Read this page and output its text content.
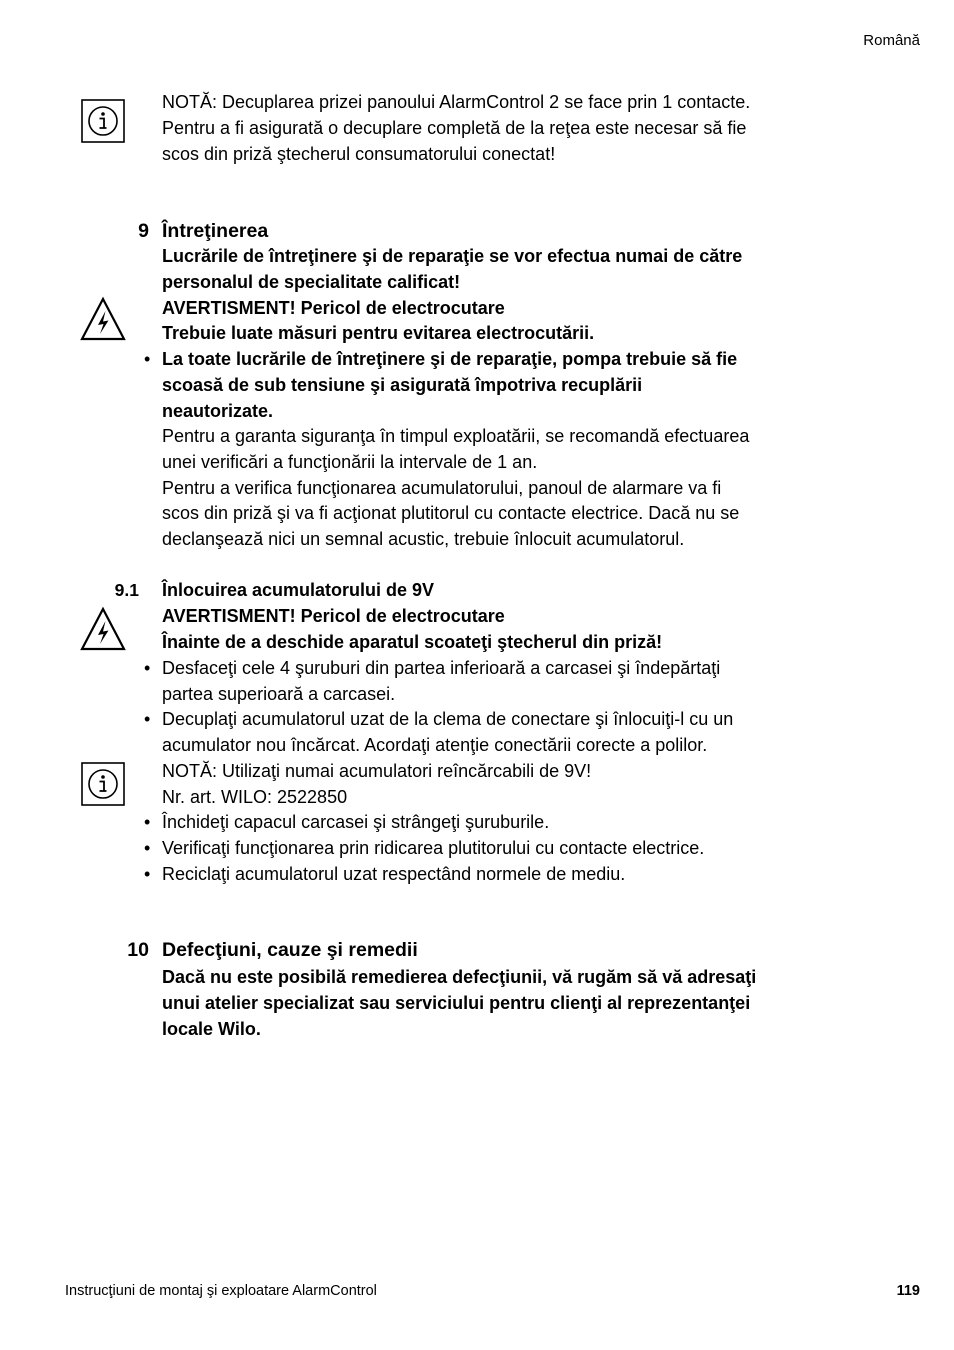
Română
NOTĂ: Decuplarea prizei panoului AlarmControl 2 se face prin 1 contacte.
Pentru a fi asigurată o decuplare completă de la reţea este necesar să fie
scos din priză ştecherul consumatorului conectat!
9 Întreţinerea
Lucrările de întreţinere şi de reparaţie se vor efectua numai de către
personalul de specialitate calificat!
AVERTISMENT! Pericol de electrocutare
Trebuie luate măsuri pentru evitarea electrocutării.
• La toate lucrările de întreţinere şi de reparaţie, pompa trebuie să fie
scoasă de sub tensiune şi asigurată împotriva recuplării
neautorizate.
Pentru a garanta siguranţa în timpul exploatării, se recomandă efectuarea
unei verificări a funcţionării la intervale de 1 an.
Pentru a verifica funcţionarea acumulatorului, panoul de alarmare va fi
scos din priză şi va fi acţionat plutitorul cu contacte electrice. Dacă nu se
declanşează nici un semnal acustic, trebuie înlocuit acumulatorul.
9.1 Înlocuirea acumulatorului de 9V
AVERTISMENT! Pericol de electrocutare
Înainte de a deschide aparatul scoateţi ştecherul din priză!
• Desfaceţi cele 4 şuruburi din partea inferioară a carcasei şi îndepărtaţi
partea superioară a carcasei.
• Decuplaţi acumulatorul uzat de la clema de conectare şi înlocuiţi-l cu un
acumulator nou încărcat. Acordaţi atenţie conectării corecte a polilor.
NOTĂ: Utilizaţi numai acumulatori reîncărcabili de 9V!
Nr. art. WILO: 2522850
• Închideţi capacul carcasei şi strângeţi şuruburile.
• Verificaţi funcţionarea prin ridicarea plutitorului cu contacte electrice.
• Reciclaţi acumulatorul uzat respectând normele de mediu.
10 Defecţiuni, cauze şi remedii
Dacă nu este posibilă remedierea defecţiunii, vă rugăm să vă adresaţi
unui atelier specializat sau serviciului pentru clienţi al reprezentanţei
locale Wilo.
Instrucţiuni de montaj şi exploatare AlarmControl	119
